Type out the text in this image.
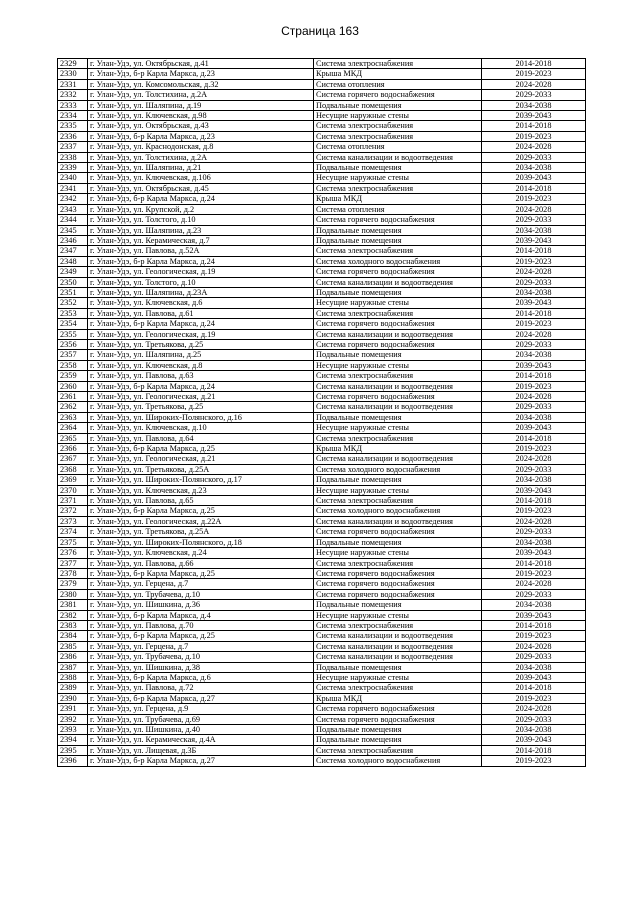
Страница 163
2329	г. Улан-Удэ, ул. Октябрьская, д.41	Система электроснабжения	2014-2018
2330	г. Улан-Удэ, б-р Карла Маркса, д.23	Крыша МКД	2019-2023
2331	г. Улан-Удэ, ул. Комсомольская, д.32	Система отопления	2024-2028
2332	г. Улан-Удэ, ул. Толстихина, д.2А	Система горячего водоснабжения	2029-2033
2333	г. Улан-Удэ, ул. Шаляпина, д.19	Подвальные помещения	2034-2038
2334	г. Улан-Удэ, ул. Ключевская, д.98	Несущие наружные стены	2039-2043
2335	г. Улан-Удэ, ул. Октябрьская, д.43	Система электроснабжения	2014-2018
2336	г. Улан-Удэ, б-р Карла Маркса, д.23	Система электроснабжения	2019-2023
2337	г. Улан-Удэ, ул. Краснодонская, д.8	Система отопления	2024-2028
2338	г. Улан-Удэ, ул. Толстихина, д.2А	Система канализации и водоотведения	2029-2033
2339	г. Улан-Удэ, ул. Шаляпина, д.21	Подвальные помещения	2034-2038
2340	г. Улан-Удэ, ул. Ключевская, д.106	Несущие наружные стены	2039-2043
2341	г. Улан-Удэ, ул. Октябрьская, д.45	Система электроснабжения	2014-2018
2342	г. Улан-Удэ, б-р Карла Маркса, д.24	Крыша МКД	2019-2023
2343	г. Улан-Удэ, ул. Крупской, д.2	Система отопления	2024-2028
2344	г. Улан-Удэ, ул. Толстого, д.10	Система горячего водоснабжения	2029-2033
2345	г. Улан-Удэ, ул. Шаляпина, д.23	Подвальные помещения	2034-2038
2346	г. Улан-Удэ, ул. Керамическая, д.7	Подвальные помещения	2039-2043
2347	г. Улан-Удэ, ул. Павлова, д.52А	Система электроснабжения	2014-2018
2348	г. Улан-Удэ, б-р Карла Маркса, д.24	Система холодного водоснабжения	2019-2023
2349	г. Улан-Удэ, ул. Геологическая, д.19	Система горячего водоснабжения	2024-2028
2350	г. Улан-Удэ, ул. Толстого, д.10	Система канализации и водоотведения	2029-2033
2351	г. Улан-Удэ, ул. Шаляпина, д.23А	Подвальные помещения	2034-2038
2352	г. Улан-Удэ, ул. Ключевская, д.6	Несущие наружные стены	2039-2043
2353	г. Улан-Удэ, ул. Павлова, д.61	Система электроснабжения	2014-2018
2354	г. Улан-Удэ, б-р Карла Маркса, д.24	Система горячего водоснабжения	2019-2023
2355	г. Улан-Удэ, ул. Геологическая, д.19	Система канализации и водоотведения	2024-2028
2356	г. Улан-Удэ, ул. Третьякова, д.25	Система горячего водоснабжения	2029-2033
2357	г. Улан-Удэ, ул. Шаляпина, д.25	Подвальные помещения	2034-2038
2358	г. Улан-Удэ, ул. Ключевская, д.8	Несущие наружные стены	2039-2043
2359	г. Улан-Удэ, ул. Павлова, д.63	Система электроснабжения	2014-2018
2360	г. Улан-Удэ, б-р Карла Маркса, д.24	Система канализации и водоотведения	2019-2023
2361	г. Улан-Удэ, ул. Геологическая, д.21	Система горячего водоснабжения	2024-2028
2362	г. Улан-Удэ, ул. Третьякова, д.25	Система канализации и водоотведения	2029-2033
2363	г. Улан-Удэ, ул. Широких-Полянского, д.16	Подвальные помещения	2034-2038
2364	г. Улан-Удэ, ул. Ключевская, д.10	Несущие наружные стены	2039-2043
2365	г. Улан-Удэ, ул. Павлова, д.64	Система электроснабжения	2014-2018
2366	г. Улан-Удэ, б-р Карла Маркса, д.25	Крыша МКД	2019-2023
2367	г. Улан-Удэ, ул. Геологическая, д.21	Система канализации и водоотведения	2024-2028
2368	г. Улан-Удэ, ул. Третьякова, д.25А	Система холодного водоснабжения	2029-2033
2369	г. Улан-Удэ, ул. Широких-Полянского, д.17	Подвальные помещения	2034-2038
2370	г. Улан-Удэ, ул. Ключевская, д.23	Несущие наружные стены	2039-2043
2371	г. Улан-Удэ, ул. Павлова, д.65	Система электроснабжения	2014-2018
2372	г. Улан-Удэ, б-р Карла Маркса, д.25	Система холодного водоснабжения	2019-2023
2373	г. Улан-Удэ, ул. Геологическая, д.22А	Система канализации и водоотведения	2024-2028
2374	г. Улан-Удэ, ул. Третьякова, д.25А	Система горячего водоснабжения	2029-2033
2375	г. Улан-Удэ, ул. Широких-Полянского, д.18	Подвальные помещения	2034-2038
2376	г. Улан-Удэ, ул. Ключевская, д.24	Несущие наружные стены	2039-2043
2377	г. Улан-Удэ, ул. Павлова, д.66	Система электроснабжения	2014-2018
2378	г. Улан-Удэ, б-р Карла Маркса, д.25	Система горячего водоснабжения	2019-2023
2379	г. Улан-Удэ, ул. Герцена, д.7	Система горячего водоснабжения	2024-2028
2380	г. Улан-Удэ, ул. Трубачева, д.10	Система горячего водоснабжения	2029-2033
2381	г. Улан-Удэ, ул. Шишкина, д.36	Подвальные помещения	2034-2038
2382	г. Улан-Удэ, б-р Карла Маркса, д.4	Несущие наружные стены	2039-2043
2383	г. Улан-Удэ, ул. Павлова, д.70	Система электроснабжения	2014-2018
2384	г. Улан-Удэ, б-р Карла Маркса, д.25	Система канализации и водоотведения	2019-2023
2385	г. Улан-Удэ, ул. Герцена, д.7	Система канализации и водоотведения	2024-2028
2386	г. Улан-Удэ, ул. Трубачева, д.10	Система канализации и водоотведения	2029-2033
2387	г. Улан-Удэ, ул. Шишкина, д.38	Подвальные помещения	2034-2038
2388	г. Улан-Удэ, б-р Карла Маркса, д.6	Несущие наружные стены	2039-2043
2389	г. Улан-Удэ, ул. Павлова, д.72	Система электроснабжения	2014-2018
2390	г. Улан-Удэ, б-р Карла Маркса, д.27	Крыша МКД	2019-2023
2391	г. Улан-Удэ, ул. Герцена, д.9	Система горячего водоснабжения	2024-2028
2392	г. Улан-Удэ, ул. Трубачева, д.69	Система горячего водоснабжения	2029-2033
2393	г. Улан-Удэ, ул. Шишкина, д.40	Подвальные помещения	2034-2038
2394	г. Улан-Удэ, ул. Керамическая, д.4А	Подвальные помещения	2039-2043
2395	г. Улан-Удэ, ул. Лищевая, д.3Б	Система электроснабжения	2014-2018
2396	г. Улан-Удэ, б-р Карла Маркса, д.27	Система холодного водоснабжения	2019-2023
